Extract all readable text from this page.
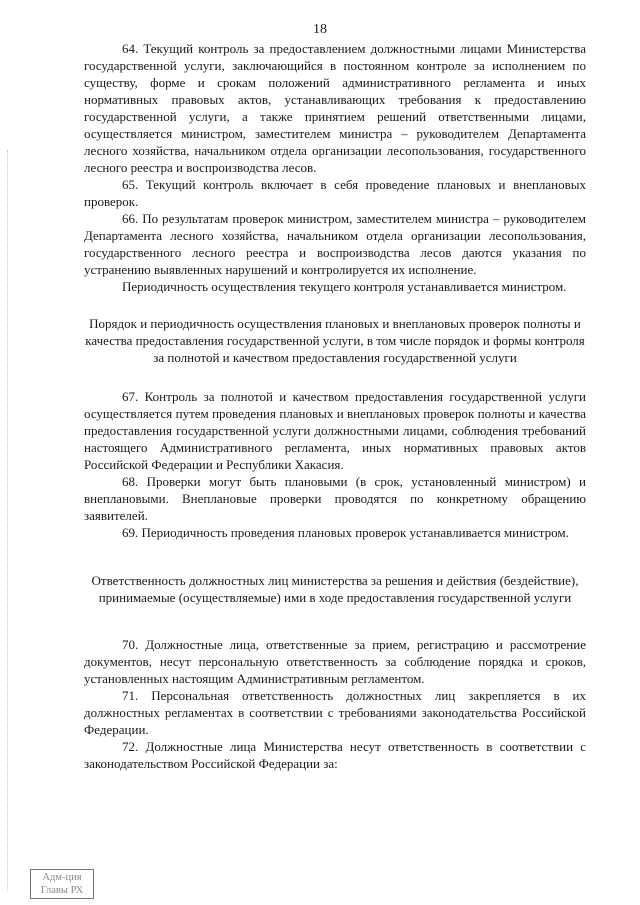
18

64. Текущий контроль за предоставлением должностными лицами Министерства государственной услуги, заключающийся в постоянном контроле за исполнением по существу, форме и срокам положений административного регламента и иных нормативных правовых актов, устанавливающих требования к предоставлению государственной услуги, а также принятием решений ответственными лицами, осуществляется министром, заместителем министра – руководителем Департамента лесного хозяйства, начальником отдела организации лесопользования, государственного лесного реестра и воспроизводства лесов.

65. Текущий контроль включает в себя проведение плановых и внеплановых проверок.

66. По результатам проверок министром, заместителем министра – руководителем Департамента лесного хозяйства, начальником отдела организации лесопользования, государственного лесного реестра и воспроизводства лесов даются указания по устранению выявленных нарушений и контролируется их исполнение.

Периодичность осуществления текущего контроля устанавливается министром.

Порядок и периодичность осуществления плановых и внеплановых проверок полноты и качества предоставления государственной услуги, в том числе порядок и формы контроля за полнотой и качеством предоставления государственной услуги

67. Контроль за полнотой и качеством предоставления государственной услуги осуществляется путем проведения плановых и внеплановых проверок полноты и качества предоставления государственной услуги должностными лицами, соблюдения требований настоящего Административного регламента, иных нормативных правовых актов Российской Федерации и Республики Хакасия.

68. Проверки могут быть плановыми (в срок, установленный министром) и внеплановыми. Внеплановые проверки проводятся по конкретному обращению заявителей.

69. Периодичность проведения плановых проверок устанавливается министром.

Ответственность должностных лиц министерства за решения и действия (бездействие), принимаемые (осуществляемые) ими в ходе предоставления государственной услуги

70. Должностные лица, ответственные за прием, регистрацию и рассмотрение документов, несут персональную ответственность за соблюдение порядка и сроков, установленных настоящим Административным регламентом.

71. Персональная ответственность должностных лиц закрепляется в их должностных регламентах в соответствии с требованиями законодательства Российской Федерации.

72. Должностные лица Министерства несут ответственность в соответствии с законодательством Российской Федерации за:

Адм-ция
Главы РХ
